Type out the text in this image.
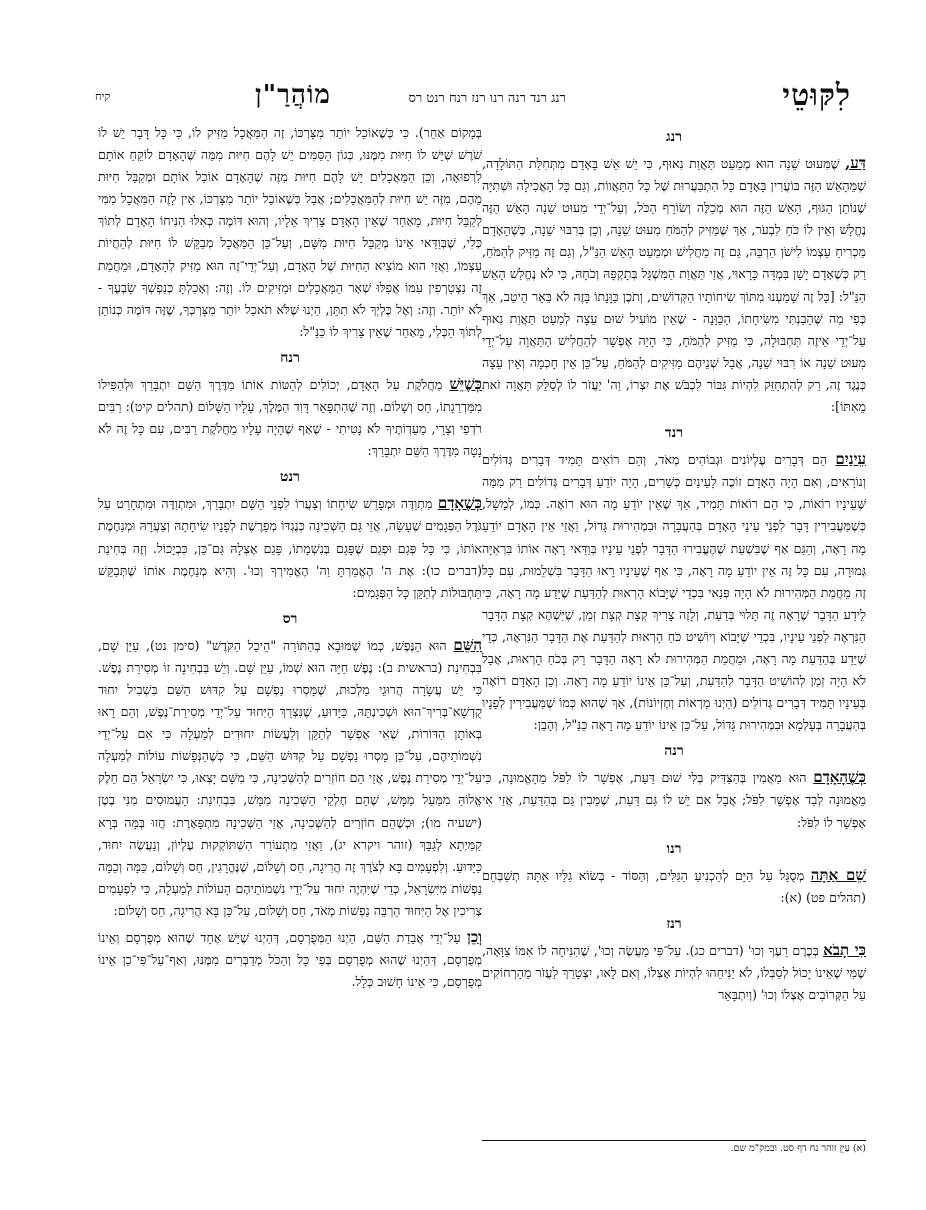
לִקּוּטֵי
רנג רנד רנה רנו רנז רנח רנט רס
מוֹהֲרַ"ן
קיח
רנג
דַּע, שֶׁמִּעוּט שֵׁנָה הוּא מְמַעֵט תַּאֲוַת נִאוּף, כִּי יֵשׁ אֵשׁ בָּאָדָם מִתְּחִלַּת הַתּוֹלָדָה, שֶׁמֵּהָאֵשׁ הַזֶּה בּוֹעֲרִין בָּאָדָם כָּל הִתְבַּעֲרוּת שֶׁל כָּל הַתַּאֲווֹת, וְגַם כָּל הָאֲכִילָה וּשְׁתִיָּה שֶׁנּוֹתֵן הַגּוּף, הָאֵשׁ הַזֶּה הוּא מְכַלֶּה וְשׂוֹרֵף הַכֹּל, וְעַל־יְדֵי מִעוּט שֵׁנָה הָאֵשׁ הַזֶּה נֶחֱלָשׁ וְאֵין לוֹ כֹּחַ לִבְעֹר, אַךְ שֶׁמַּזִּיק לְהַמֹּחַ מִעוּט שֵׁנָה, וְכֵן בְּרִבּוּי שֵׁנָה, כְּשֶׁהָאָדָם מַכְרִיחַ עַצְמוֹ לִישֹׁן הַרְבֵּה, גַּם זֶה מַחֲלִישׁ וּמְמַעֵט הָאֵשׁ הַנַּ"ל, וְגַם זֶה מַזִּיק לְהַמֹּחַ, רַק כְּשֶׁאָדָם יָשֵׁן בִּמְדָּה כָּרָאוּי, אֲזַי תַּאֲוַת הַמִּשְׁגָּל בְּתָקְפָּהּ וְכֹחָהּ, כִּי לֹא נֶחֱלַשׁ הָאֵשׁ הַנַּ"ל: [כָּל זֶה שָׁמַעְנוּ מִתּוֹךְ שִׂיחוֹתָיו הַקְּדוֹשִׁים, וְתֹכֶן כַּוָּנָתוֹ בָּזֶה לֹא בֵּאֵר הֵיטֵב, אַךְ כְּפִי מַה שֶּׁהֵבַנְתִּי מִשִּׂיחָתוֹ, הַכַּוָּנָה - שֶׁאֵין מוֹעִיל שׁוּם עֵצָה לְמַעֵט תַּאֲוַת נִאוּף עַל־יְדֵי אֵיזֶה תַּחְבּוּלָה, כִּי מַזִּיק לְהַמֹּחַ, כִּי הָיָה אֶפְשָׁר לְהַחֲלִישׁ הַתַּאֲוָה עַל־יְדֵי מִעוּט שֵׁנָה אוֹ רִבּוּי שֵׁנָה, אֲבָל שְׁנֵיהֶם מַזִּיקִים לְהַמֹּחַ, עַל־כֵּן אֵין חָכְמָה וְאֵין עֵצָה כְּנֶגֶד זֶה, רַק לְהִתְחַזֵּק לִהְיוֹת גִּבּוֹר לִכְבֹּשׁ אֶת יִצְרוֹ, וַה' יַעֲזֹר לוֹ לְסַלֵּק תַּאֲוָה זֹאת מֵאִתּוֹ]:
רנד
עֵינַיִם הֵם דְּבָרִים עֶלְיוֹנִים וּגְבוֹהִים מְאֹד, וְהֵם רוֹאִים תָּמִיד דְּבָרִים גְּדוֹלִים וְנוֹרָאִים, וְאִם הָיָה הָאָדָם זוֹכֶה לָעֵינַיִם כְּשֵׁרִים, הָיָה יוֹדֵעַ דְּבָרִים גְּדוֹלִים רַק מִמַּה שֶּׁעֵינָיו רוֹאוֹת, כִּי הֵם רוֹאוֹת תָּמִיד, אַךְ שֶׁאֵין יוֹדֵעַ מָה הוּא רוֹאֶה. כְּמוֹ, לְמָשָׁל, כְּשֶׁמַּעֲבִירִין דָּבָר לִפְנֵי עֵינֵי הָאָדָם בְּהַעֲבָרָה וּבִמְהִירוּת גָּדוֹל, וַאֲזַי אֵין הָאָדָם יוֹדֵעַ מָה רָאָה, וְהַגַּם אַף שֶׁבִּשְׁעַת שֶׁהֶעֱבִירוּ הַדָּבָר לִפְנֵי עֵינָיו בְּוַדַּאי רָאָה אוֹתוֹ בִּרְאִיָּה גְּמוּרָה, עִם כָּל זֶה אֵין יוֹדֵעַ מָה רָאָה, כִּי אַף שֶׁעֵינָיו רָאוּ הַדָּבָר בִּשְׁלֵמוּת, עִם כָּל זֶה מֵחֲמַת הַמְּהִירוּת לֹא הָיָה פְּנַאי בִּכְדֵי שֶׁיָּבוֹא הָרְאוּת לְהַדַּעַת שֶׁיֵּדַע מָה רָאָה, כִּי לֵידַע הַדָּבָר שֶׁרָאָה זֶה תָּלוּי בְּדַעַת, וְלָזֶה צָרִיךְ קְצָת קְצָת זְמַן, שֶׁיִּשְׁהֶא קְצָת הַדָּבָר הַנִּרְאֶה לִפְנֵי עֵינָיו, בִּכְדֵי שֶׁיָּבוֹא וְיוֹשִׁיט כֹּחַ הָרְאוּת לְהַדַּעַת אֶת הַדָּבָר הַנִּרְאֶה, כְּדֵי שֶׁיֵּדַע בְּהַדַּעַת מָה רָאָה, וּמֵחֲמַת הַמְּהִירוּת לֹא רָאָה הַדָּבָר רַק בְּכֹחַ הָרְאוּת, אֲבָל לֹא הָיָה זְמַן לְהוֹשִׁיט הַדָּבָר לְהַדַּעַת, וְעַל־כֵּן אֵינוֹ יוֹדֵעַ מָה רָאָה. וְכֵן הָאָדָם רוֹאֶה בְּעֵינָיו תָּמִיד דְּבָרִים גְּדוֹלִים (הַיְנוּ מַרְאוֹת וְחֶזְיוֹנוֹת), אַךְ שֶׁהוּא כְּמוֹ שֶׁמַּעֲבִירִין לְפָנָיו בְּהַעֲבָרָה בְּעָלְמָא וּבִמְהִירוּת גָּדוֹל, עַל־כֵּן אֵינוֹ יוֹדֵעַ מָה רָאָה כַּנַּ"ל, וְהָבֵן:
רנה
כְּשֶׁהָאָדָם הוּא מַאֲמִין בְּהַצַּדִּיק בְּלִי שׁוּם דַּעַת, אֶפְשָׁר לוֹ לִפֹּל מֵהָאֱמוּנָה, כִּי מֵאֱמוּנָה לְבַד אֶפְשָׁר לִפֹּל; אֲבָל אִם יֵשׁ לוֹ גַּם דַּעַת, שֶׁמֵּבִין גַּם בְּהַדַּעַת, אֲזַי אִי אֶפְשָׁר לוֹ לִפֹּל:
רנו
שֵׁם אַתָּה מְסֻגָּל עַל הַיָּם לְהַכְנִיעַ הַגַּלִּים, וְהַסּוֹד - בְּשׂוֹא גַלָּיו אַתָּה תְשַׁבְּחֵם (תהלים פט) (א):
רנז
כִּי תָבֹא בְּכֶרֶם רֵעֶךָ וְכוּ' (דברים כג). עַל־פִּי מַעֲשֶׂה וְכוּ', שֶׁהִנִּיחָה לוֹ אִמּוֹ צַוָּאָה, שֶׁמִּי שֶׁאֵינוֹ יָכוֹל לְסַבְּלוֹ, לֹא יַנִּיחֵהוּ לִהְיוֹת אֶצְלוֹ, וְאִם לָאו, יִצְטָרֵךְ לַעֲזֹר מֵהָרְחוֹקִים עַל הַקְּרוֹבִים אֶצְלוֹ וְכוּ' (וְיִתְבָּאֵר
בְּמָקוֹם אַחֵר). כִּי כְּשֶׁאוֹכֵל יוֹתֵר מִצָּרְכּוֹ, זֶה הַמַּאֲכָל מַזִּיק לוֹ, כִּי כָּל דָּבָר יֵשׁ לוֹ שֹׁרֶשׁ שֶׁיֵּשׁ לוֹ חִיּוּת מִמֶּנּוּ, כְּגוֹן הַסַּמִּים יֵשׁ לָהֶם חִיּוּת מִמַּה שֶּׁהָאָדָם לוֹקֵחַ אוֹתָם לִרְפוּאָה, וְכֵן הַמַּאֲכָלִים יֵשׁ לָהֶם חִיּוּת מִזֶּה שֶׁהָאָדָם אוֹכֵל אוֹתָם וּמְקַבֵּל חִיּוּת מֵהֶם, מִזֶּה יֵשׁ חִיּוּת לְהַמַּאֲכָלִים; אֲבָל כְּשֶׁאוֹכֵל יוֹתֵר מִצָּרְכּוֹ, אֵין לָזֶה הַמַּאֲכָל מִמִּי לְקַבֵּל חִיּוּת, מֵאַחַר שֶׁאֵין הָאָדָם צָרִיךְ אֵלָיו, וְהוּא דּוֹמֶה כְּאִלּוּ הִנִּיחוֹ הָאָדָם לְתוֹךְ כְּלִי, שֶׁבְּוַדַּאי אֵינוֹ מְקַבֵּל חִיּוּת מִשָּׁם, וְעַל־כֵּן הַמַּאֲכָל מְבַקֵּשׁ לוֹ חִיּוּת לְהַחֲיוֹת עַצְמוֹ, וַאֲזַי הוּא מוֹצִיא הַחִיּוּת שֶׁל הָאָדָם, וְעַל־יְדֵי־זֶה הוּא מַזִּיק לְהָאָדָם, וּמֵחֲמַת זֶה נִצְטָרְפִין עִמּוֹ אֲפִלּוּ שְׁאָר הַמַּאֲכָלִים וּמַזִּיקִים לוֹ. וְזֶה: וְאָכַלְתָּ כְּנַפְשְׁךָ שָׂבְעֶךָ - לֹא יוֹתֵר. וְזֶה: וְאֶל כֶּלְיְךָ לֹא תִתֵּן, הַיְנוּ שֶׁלֹּא תֹאכַל יוֹתֵר מִצָּרְכְּךָ, שֶׁזֶּה דּוֹמֶה כְּנוֹתֵן לְתוֹךְ הַכְּלִי, מֵאַחַר שֶׁאֵין צָרִיךְ לוֹ כַּנַּ"ל:
רנח
כְּשֶׁיֵּשׁ מַחֲלֹקֶת עַל הָאָדָם, יְכוֹלִים לְהַטּוֹת אוֹתוֹ מִדֶּרֶךְ הַשֵּׁם יִתְבָּרַךְ וּלְהַפִּילוֹ מִמַּדְרֵגָתוֹ, חַס וְשָׁלוֹם. וְזֶה שֶׁהִתְפָּאֵר דָּוִד הַמֶּלֶךְ, עָלָיו הַשָּׁלוֹם (תהלים קיט): רַבִּים רֹדְפַי וְצָרָי, מֵעֵדְוֹתֶיךָ לֹא נָטִיתִי - שֶׁאַף שֶׁהָיָה עָלָיו מַחֲלֹקֶת רַבִּים, עִם כָּל זֶה לֹא נָטָה מִדֶּרֶךְ הַשֵּׁם יִתְבָּרַךְ:
רנט
כְּשֶׁאָדָם מִתְוַדֶּה וּמְפָרֵשׁ שִׂיחָתוֹ וְצַעֲרוֹ לִפְנֵי הַשֵּׁם יִתְבָּרַךְ, וּמִתְוַדֶּה וּמִתְחָרֵט עַל גֹּדֶל הַפְּגָמִים שֶׁעָשָׂה, אֲזַי גַּם הַשְּׁכִינָה כְּנֶגְדּוֹ מְפָרֶשֶׁת לְפָנָיו שִׂיחָתָהּ וְצַעֲרָהּ וּמְנַחֶמֶת אוֹתוֹ, כִּי כָּל פְּגַם וּפְגַם שֶׁפָּגַם בְּנִשְׁמָתוֹ, פָּגַם אֶצְלָהּ גַּם־כֵּן, כִּבְיָכוֹל. וְזֶה בְּחִינַת (דברים כו): אֶת ה' הֶאֱמַרְתָּ וַה' הֶאֱמִירְךָ וְכוּ'. וְהִיא מְנַחֶמֶת אוֹתוֹ שֶׁתְּבַקֵּשׁ תַּחְבּוּלוֹת לְתַקֵּן כָּל הַפְּגָמִים:
רס
הַשֵּׁם הוּא הַנֶּפֶשׁ, כְּמוֹ שֶׁמּוּבָא בְּהַתּוֹרָה "הֵיכַל הַקֹּדֶשׁ" (סימן נט), עַיֵּן שָׁם, בִּבְחִינַת (בראשית ב): נֶפֶשׁ חַיָּה הוּא שְׁמוֹ, עַיֵּן שָׁם. וְיֵשׁ בִּבְחִינָה זוֹ מְסִירַת נֶפֶשׁ. כִּי יֵשׁ עֲשָׂרָה הֲרוּגֵי מַלְכוּת, שֶׁמָּסְרוּ נַפְשָׁם עַל קִדּוּשׁ הַשֵּׁם בִּשְׁבִיל יִחוּד קֻדְשָׁא־בְּרִיךְ־הוּא וּשְׁכִינְתֵּהּ, כַּיָּדוּעַ, שֶׁנִּצְרַךְ הַיִּחוּד עַל־יְדֵי מְסִירַת־נֶפֶשׁ, וְהֵם רָאוּ בְּאוֹתָן הַדּוֹרוֹת, שֶׁאִי אֶפְשָׁר לְתַקֵּן וְלַעֲשׂוֹת יִחוּדִים לְמַעְלָה כִּי אִם עַל־יְדֵי נִשְׁמוֹתֵיהֶם, עַל־כֵּן מָסְרוּ נַפְשָׁם עַל קִדּוּשׁ הַשֵּׁם, כִּי כְּשֶׁהַנְּפָשׁוֹת עוֹלוֹת לְמַעְלָה עַל־יְדֵי מְסִירַת נֶפֶשׁ, אֲזַי הֵם חוֹזְרִים לְהַשְּׁכִינָה, כִּי מִשָּׁם יָצְאוּ, כִּי יִשְׂרָאֵל הֵם חֵלֶק אֱלוֹהַּ מִמַּעַל מַמָּשׁ, שֶׁהֵם חֶלְקֵי הַשְּׁכִינָה מַמָּשׁ, בִּבְחִינַת: הָעֲמוּסִים מִנִּי בֶטֶן (ישעיה מו); וּכְשֶׁהֵם חוֹזְרִים לְהַשְּׁכִינָה, אֲזַי הַשְּׁכִינָה מִתְפָּאֶרֶת: חֲזוּ בְּמָּה בְּרָא קַמַּיְתָא לְגַבָּךְ (זוהר ויקרא יג), וַאֲזַי מִתְעוֹרֵר הִשְׁתּוֹקְקוּת עֶלְיוֹן, וְנַעֲשֶׂה יִחוּד, כַּיָּדוּעַ. וְלִפְעָמִים בָּא לְצֹרֶךְ זֶה הֲרִיגָה, חַס וְשָׁלוֹם, שֶׁנֶּהֱרָגִין, חַס וְשָׁלוֹם, כַּמָּה וְכַמָּה נַפְשׁוֹת מִיִּשְׂרָאֵל, כְּדֵי שֶׁיִּהְיֶה יִחוּד עַל־יְדֵי נִשְׁמוֹתֵיהֶם הָעוֹלוֹת לְמַעְלָה, כִּי לִפְעָמִים צְרִיכִין אֶל הַיִּחוּד הַרְבֵּה נַפְשׁוֹת מְאֹד, חַס וְשָׁלוֹם, עַל־כֵּן בָּא הֲרִיגָה, חַס וְשָׁלוֹם:
וְכֵן עַל־יְדֵי אֲבֵדַת הַשֵּׁם, הַיְנוּ הַמְּפֻרְסָם, דְּהַיְנוּ שֶׁיֵּשׁ אֶחָד שֶׁהוּא מְפֻרְסָם וְאֵינוֹ מְפֻרְסָם, דְּהַיְנוּ שֶׁהוּא מְפֻרְסָם בְּפִי כָּל וְהַכֹּל מְדַבְּרִים מִמֶּנּוּ, וְאַף־עַל־פִּי־כֵן אֵינוֹ מְפֻרְסָם, כִּי אֵינוֹ חָשׁוּב כְּלָל.
(א) עַיֵּן זוהר נח דף סט. ובמק"מ שם.
